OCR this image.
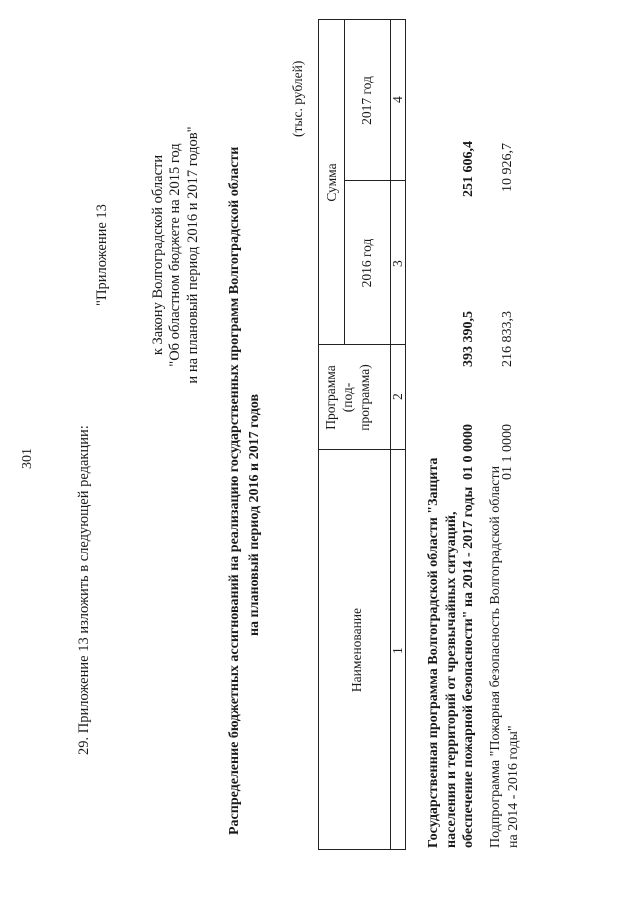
301	29. Приложение 13 изложить в следующей редакции:
"Приложение 13	к Закону Волгоградской области "Об областном бюджете на 2015 год и на плановый период 2016 и 2017 годов" Распределение бюджетных ассигнований на реализацию государственных программ Волгоградской области на плановый период 2016 и 2017 годов
(тыс. рублей)
Наименование
Программа (под- программа)
Сумма
2016 год
2017 год
1
2
3
4
Государственная программа Волгоградской области "Защита населения и территорий от чрезвычайных ситуаций, обеспечение пожарной безопасности" на 2014 - 2017 годы
01 0 0000
393 390,5
251 606,4
Подпрограмма "Пожарная безопасность Волгоградской области на 2014 - 2016 годы"
01 1 0000
216 833,3
10 926,7
